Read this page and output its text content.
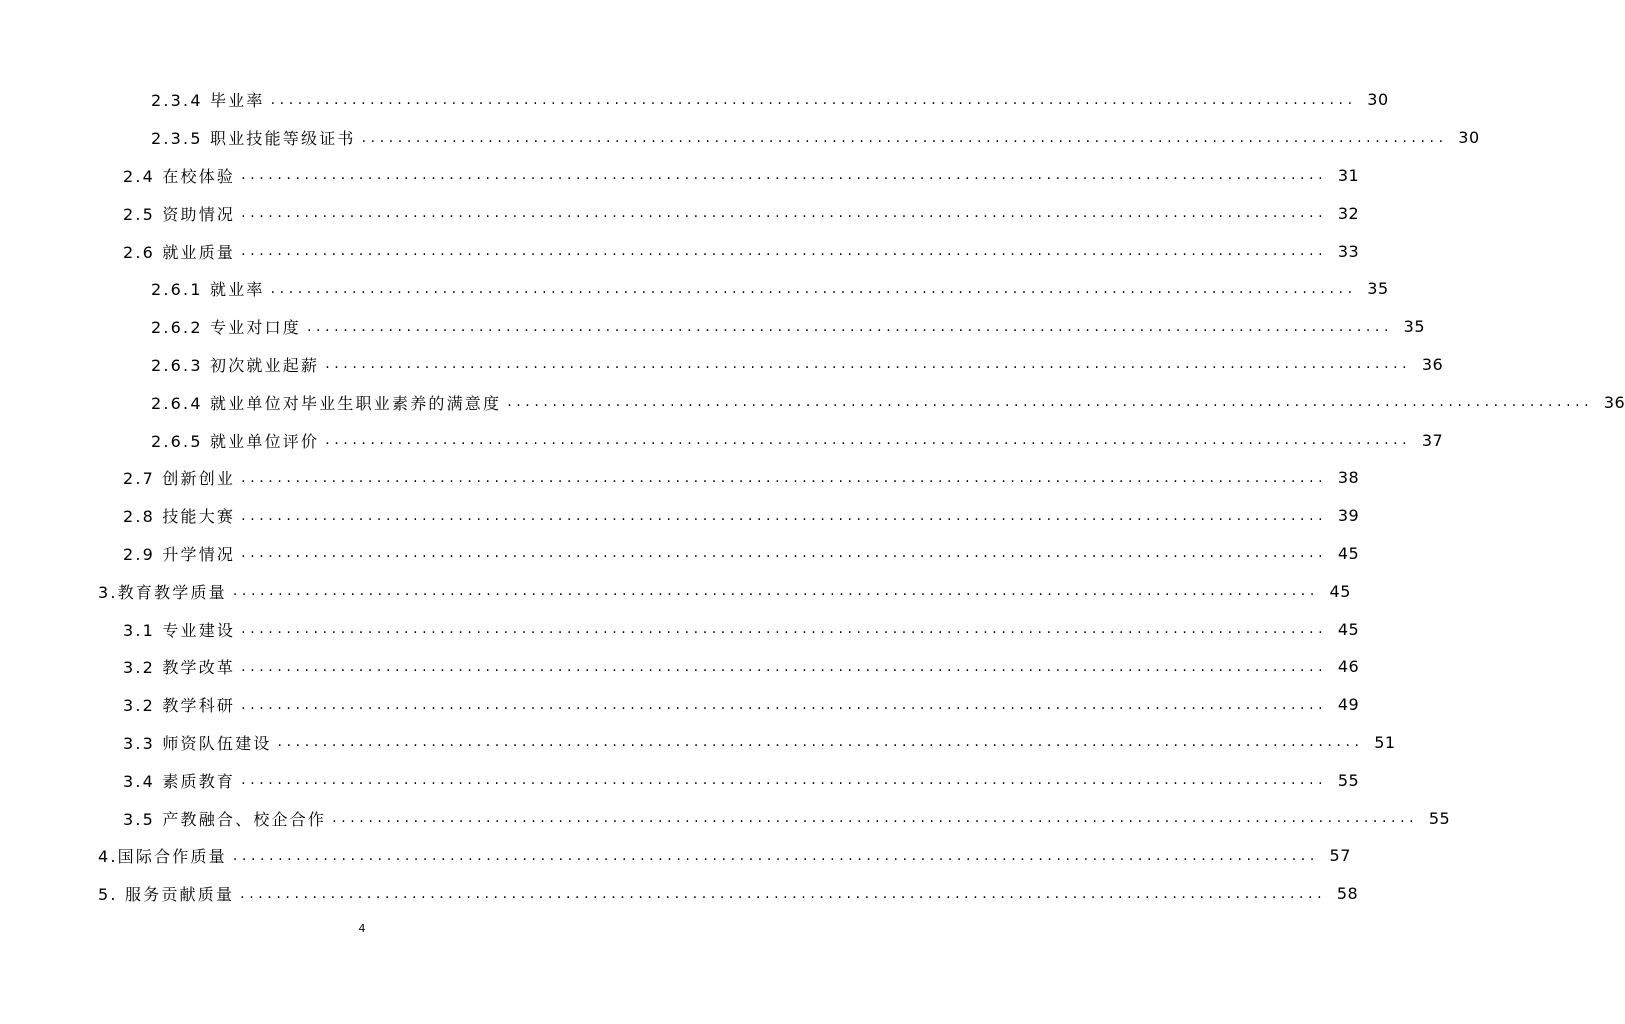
2.3.4 毕业率 ........................................................................................................................ 30
2.3.5 职业技能等级证书 ........................................................................................................................ 30
2.4 在校体验 ........................................................................................................................ 31
2.5 资助情况 ........................................................................................................................ 32
2.6 就业质量 ........................................................................................................................ 33
2.6.1 就业率 ........................................................................................................................ 35
2.6.2 专业对口度 ........................................................................................................................ 35
2.6.3 初次就业起薪 ........................................................................................................................ 36
2.6.4 就业单位对毕业生职业素养的满意度 ........................................................................................................................ 36
2.6.5 就业单位评价 ........................................................................................................................ 37
2.7 创新创业 ........................................................................................................................ 38
2.8 技能大赛 ........................................................................................................................ 39
2.9 升学情况 ........................................................................................................................ 45
3.教育教学质量 ........................................................................................................................ 45
3.1 专业建设 ........................................................................................................................ 45
3.2 教学改革 ........................................................................................................................ 46
3.2 教学科研 ........................................................................................................................ 49
3.3 师资队伍建设 ........................................................................................................................ 51
3.4 素质教育 ........................................................................................................................ 55
3.5 产教融合、校企合作 ........................................................................................................................ 55
4.国际合作质量 ........................................................................................................................ 57
5. 服务贡献质量 ........................................................................................................................ 58
4
